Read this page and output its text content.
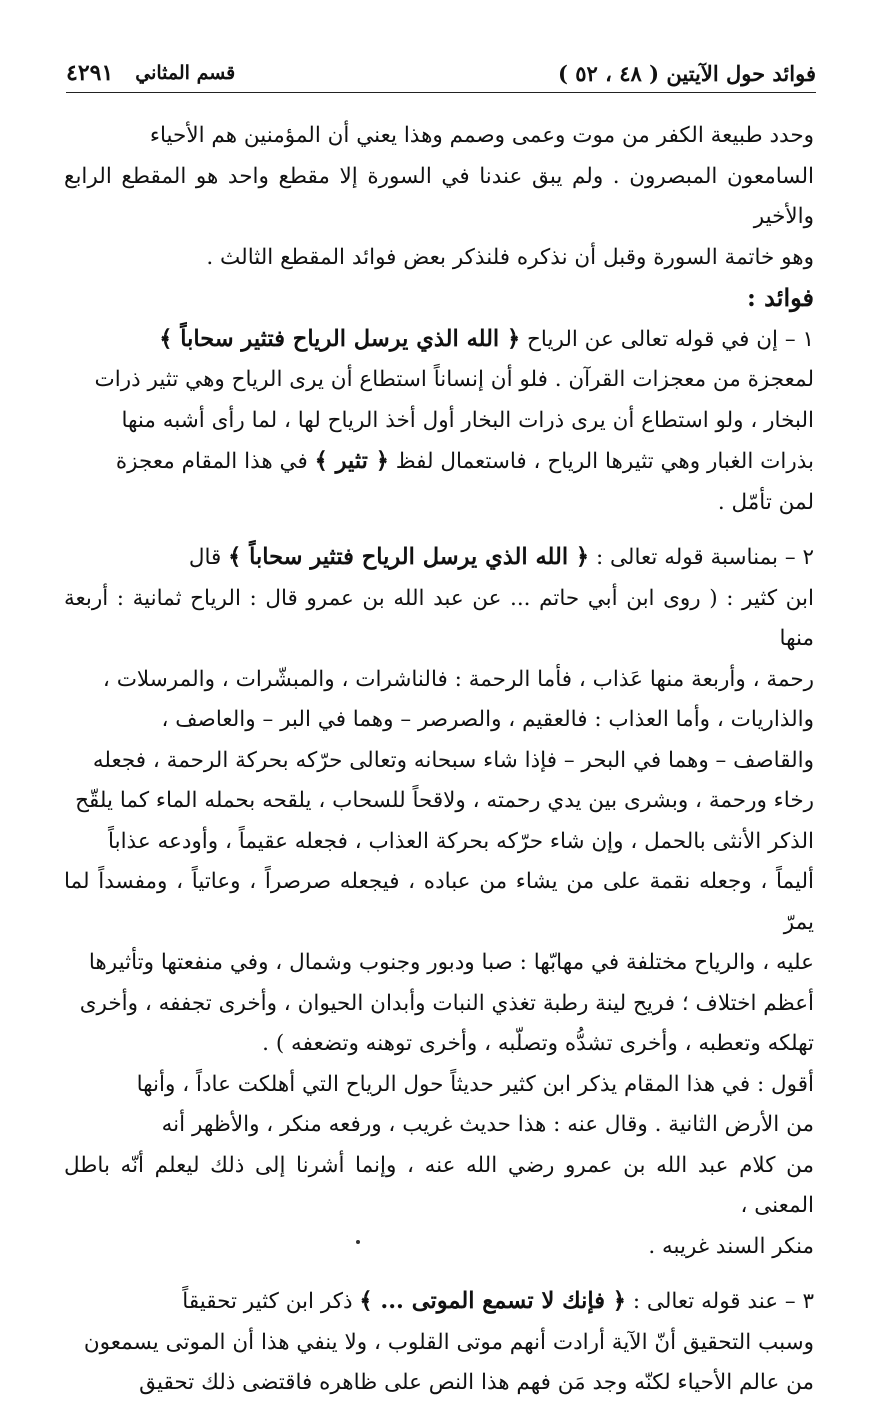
فوائد حول الآيتين ( ٤٨ ، ٥٢ )
قسم المثاني
٤٢٩١

وحدد طبيعة الكفر من موت وعمى وصمم وهذا يعني أن المؤمنين هم الأحياء
السامعون المبصرون . ولم يبق عندنا في السورة إلا مقطع واحد هو المقطع الرابع والأخير
وهو خاتمة السورة وقبل أن نذكره فلنذكر بعض فوائد المقطع الثالث .

فوائد :

١ – إن في قوله تعالى عن الرياح ﴿ الله الذي يرسل الرياح فتثير سحاباً ﴾
لمعجزة من معجزات القرآن . فلو أن إنساناً استطاع أن يرى الرياح وهي تثير ذرات
البخار ، ولو استطاع أن يرى ذرات البخار أول أخذ الرياح لها ، لما رأى أشبه منها
بذرات الغبار وهي تثيرها الرياح ، فاستعمال لفظ ﴿ تثير ﴾ في هذا المقام معجزة
لمن تأمّل .

٢ – بمناسبة قوله تعالى : ﴿ الله الذي يرسل الرياح فتثير سحاباً ﴾ قال
ابن كثير : ( روى ابن أبي حاتم ... عن عبد الله بن عمرو قال : الرياح ثمانية : أربعة منها
رحمة ، وأربعة منها عَذاب ، فأما الرحمة : فالناشرات ، والمبشّرات ، والمرسلات ،
والذاريات ، وأما العذاب : فالعقيم ، والصرصر – وهما في البر – والعاصف ،
والقاصف – وهما في البحر – فإذا شاء سبحانه وتعالى حرّكه بحركة الرحمة ، فجعله
رخاء ورحمة ، وبشرى بين يدي رحمته ، ولاقحاً للسحاب ، يلقحه بحمله الماء كما يلقّح
الذكر الأنثى بالحمل ، وإن شاء حرّكه بحركة العذاب ، فجعله عقيماً ، وأودعه عذاباً
أليماً ، وجعله نقمة على من يشاء من عباده ، فيجعله صرصراً ، وعاتياً ، ومفسداً لما يمرّ
عليه ، والرياح مختلفة في مهابّها : صبا ودبور وجنوب وشمال ، وفي منفعتها وتأثيرها
أعظم اختلاف ؛ فريح لينة رطبة تغذي النبات وأبدان الحيوان ، وأخرى تجففه ، وأخرى
تهلكه وتعطبه ، وأخرى تشدُّه وتصلّبه ، وأخرى توهنه وتضعفه ) .

أقول : في هذا المقام يذكر ابن كثير حديثاً حول الرياح التي أهلكت عاداً ، وأنها
من الأرض الثانية . وقال عنه : هذا حديث غريب ، ورفعه منكر ، والأظهر أنه
من كلام عبد الله بن عمرو رضي الله عنه ، وإنما أشرنا إلى ذلك ليعلم أنّه باطل المعنى ،
منكر السند غريبه .

٣ – عند قوله تعالى : ﴿ فإنك لا تسمع الموتى ... ﴾ ذكر ابن كثير تحقيقاً
وسبب التحقيق أنّ الآية أرادت أنهم موتى القلوب ، ولا ينفي هذا أن الموتى يسمعون
من عالم الأحياء لكنّه وجد مَن فهم هذا النص على ظاهره فاقتضى ذلك تحقيق
